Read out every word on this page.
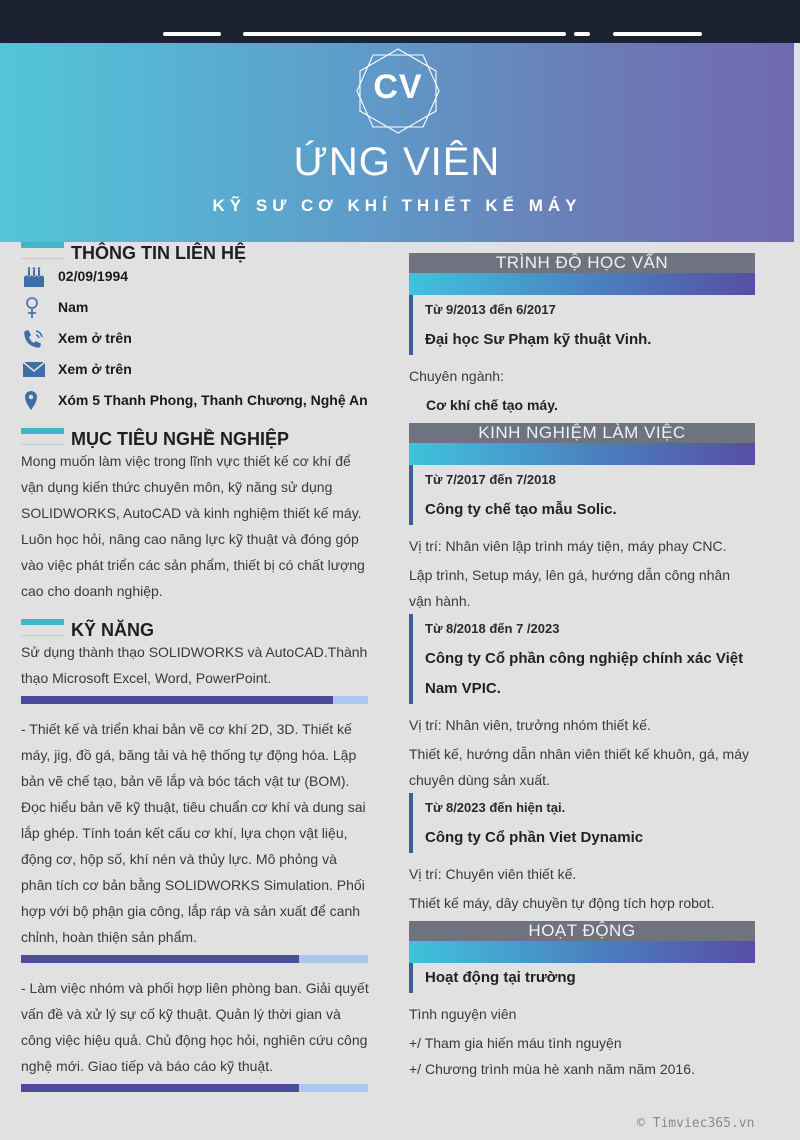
CV
ỨNG VIÊN
KỸ SƯ CƠ KHÍ THIẾT KẾ MÁY
THÔNG TIN LIÊN HỆ
02/09/1994
Nam
Xem ở trên
Xem ở trên
Xóm 5 Thanh Phong, Thanh Chương, Nghệ An
MỤC TIÊU NGHỀ NGHIỆP
Mong muốn làm việc trong lĩnh vực thiết kế cơ khí để vận dụng kiến thức chuyên môn, kỹ năng sử dụng SOLIDWORKS, AutoCAD và kinh nghiệm thiết kế máy. Luôn học hỏi, nâng cao năng lực kỹ thuật và đóng góp vào việc phát triển các sản phẩm, thiết bị có chất lượng cao cho doanh nghiệp.
KỸ NĂNG
Sử dụng thành thạo SOLIDWORKS và AutoCAD.Thành thạo Microsoft Excel, Word, PowerPoint.
- Thiết kế và triển khai bản vẽ cơ khí 2D, 3D. Thiết kế máy, jig, đồ gá, băng tải và hệ thống tự động hóa. Lập bản vẽ chế tạo, bản vẽ lắp và bóc tách vật tư (BOM). Đọc hiểu bản vẽ kỹ thuật, tiêu chuẩn cơ khí và dung sai lắp ghép. Tính toán kết cấu cơ khí, lựa chọn vật liệu, động cơ, hộp số, khí nén và thủy lực. Mô phỏng và phân tích cơ bản bằng SOLIDWORKS Simulation. Phối hợp với bộ phận gia công, lắp ráp và sản xuất để canh chỉnh, hoàn thiện sản phẩm.
- Làm việc nhóm và phối hợp liên phòng ban. Giải quyết vấn đề và xử lý sự cố kỹ thuật. Quản lý thời gian và công việc hiệu quả. Chủ động học hỏi, nghiên cứu công nghệ mới. Giao tiếp và báo cáo kỹ thuật.
TRÌNH ĐỘ HỌC VẤN
Từ 9/2013 đến 6/2017
Đại học Sư Phạm kỹ thuật Vinh.
Chuyên ngành:
Cơ khí chế tạo máy.
KINH NGHIỆM LÀM VIỆC
Từ 7/2017 đến 7/2018
Công ty chế tạo mẫu Solic.
Vị trí: Nhân viên lập trình máy tiện, máy phay CNC.
Lập trình, Setup máy, lên gá, hướng dẫn công nhân vận hành.
Từ 8/2018 đến 7 /2023
Công ty Cổ phần công nghiệp chính xác Việt Nam VPIC.
Vị trí: Nhân viên, trưởng nhóm thiết kế.
Thiết kế, hướng dẫn nhân viên thiết kế khuôn, gá, máy chuyên dùng sản xuất.
Từ 8/2023 đến hiện tại.
Công ty Cổ phần Viet Dynamic
Vị trí: Chuyên viên thiết kế.
Thiết kế máy, dây chuyền tự động tích hợp robot.
HOẠT ĐỘNG
Hoạt động tại trường
Tình nguyện viên
+/ Tham gia hiến máu tình nguyện
+/ Chương trình mùa hè xanh năm năm 2016.
© Timviec365.vn
